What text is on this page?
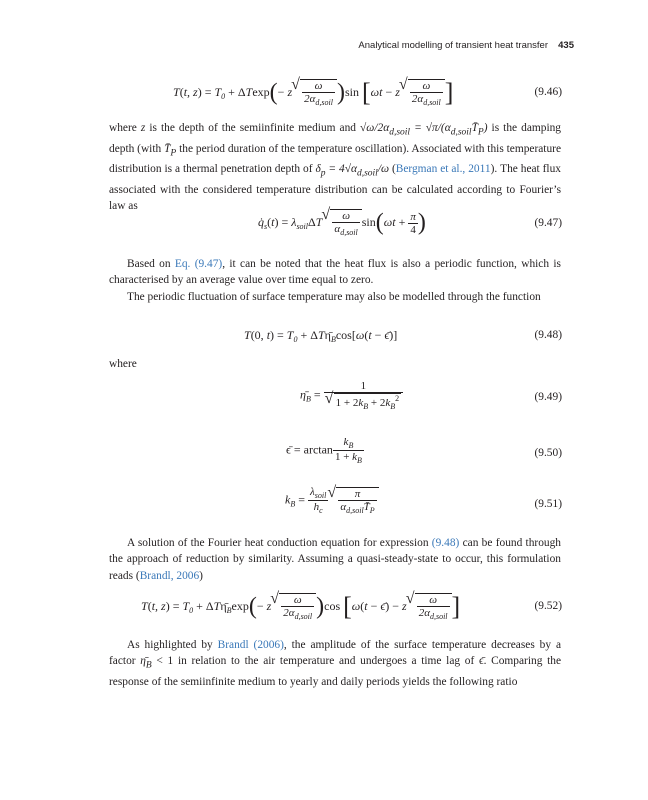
Analytical modelling of transient heat transfer 435
T(t, $z) = T_0 + \Delta Texp(- z$ √ $\frac{\omega}{2\alpha_{d,soil}} )\sin$ [ωt − z √ $\frac{\omega}{2\alpha_{d,soil}}$ ]	(9.46)

where z is the depth of the semiinfinite medium and $√\omega/2\alpha_{d,soil}$ = $√\pi/(\alpha_{d,soil}T̄_P)$ is the damping depth (with $T̄_P$ the period duration of the temperature oscillation). Associated with this temperature distribution is a thermal penetration depth of $\delta_p = 4√\alpha_{d,soil}/\omega$ (Bergman et al., 2011). The heat flux associated with the considered temperature distribution can be calculated according to Fourier’s law as

$q̇_s(t) = \lambda_{soil}\Delta T$ √ $\frac{\omega}{\alpha_{d,soil}} \sin(\omega t + \frac{\pi}{4}$ )	(9.47)

Based on Eq. (9.47), it can be noted that the heat flux is also a periodic function, which is characterised by an average value over time equal to zero.

The periodic fluctuation of surface temperature may also be modelled through the function

T(0, $t) = T_0$ + $\Delta T\etā_B\cos[\omega(t$ − ϵ̄)]	(9.48)

where

$\etā_B = 1$
√ $1 + 2k_B + 2k_B^2$	(9.49)
ϵ̄ = $\arctan \frac{k_B}{1 + k_B}$	(9.50)
$k_B = \frac{\lambda_{soil}}{h_c}$ √ $\frac{\pi}{\alpha_{d,soil}T̄_P}$	(9.51)

A solution of the Fourier heat conduction equation for expression (9.48) can be found through the approach of reduction by similarity. Assuming a quasi-steady-state to occur, this formulation reads (Brandl, 2006)

T(t, $z) = T_0$ + $\Delta T\etā_B\exp(- z$ √ $\frac{\omega}{2\alpha_{d,soil}} )\cos$ [ω(t − ϵ̄) − z √ $\frac{\omega}{2\alpha_{d,soil}}$ ]	(9.52)

As highlighted by Brandl (2006), the amplitude of the surface temperature decreases by a factor $\etā_B < 1$ in relation to the air temperature and undergoes a time lag of ϵ̄. Comparing the response of the semiinfinite medium to yearly and daily periods yields the following ratio
